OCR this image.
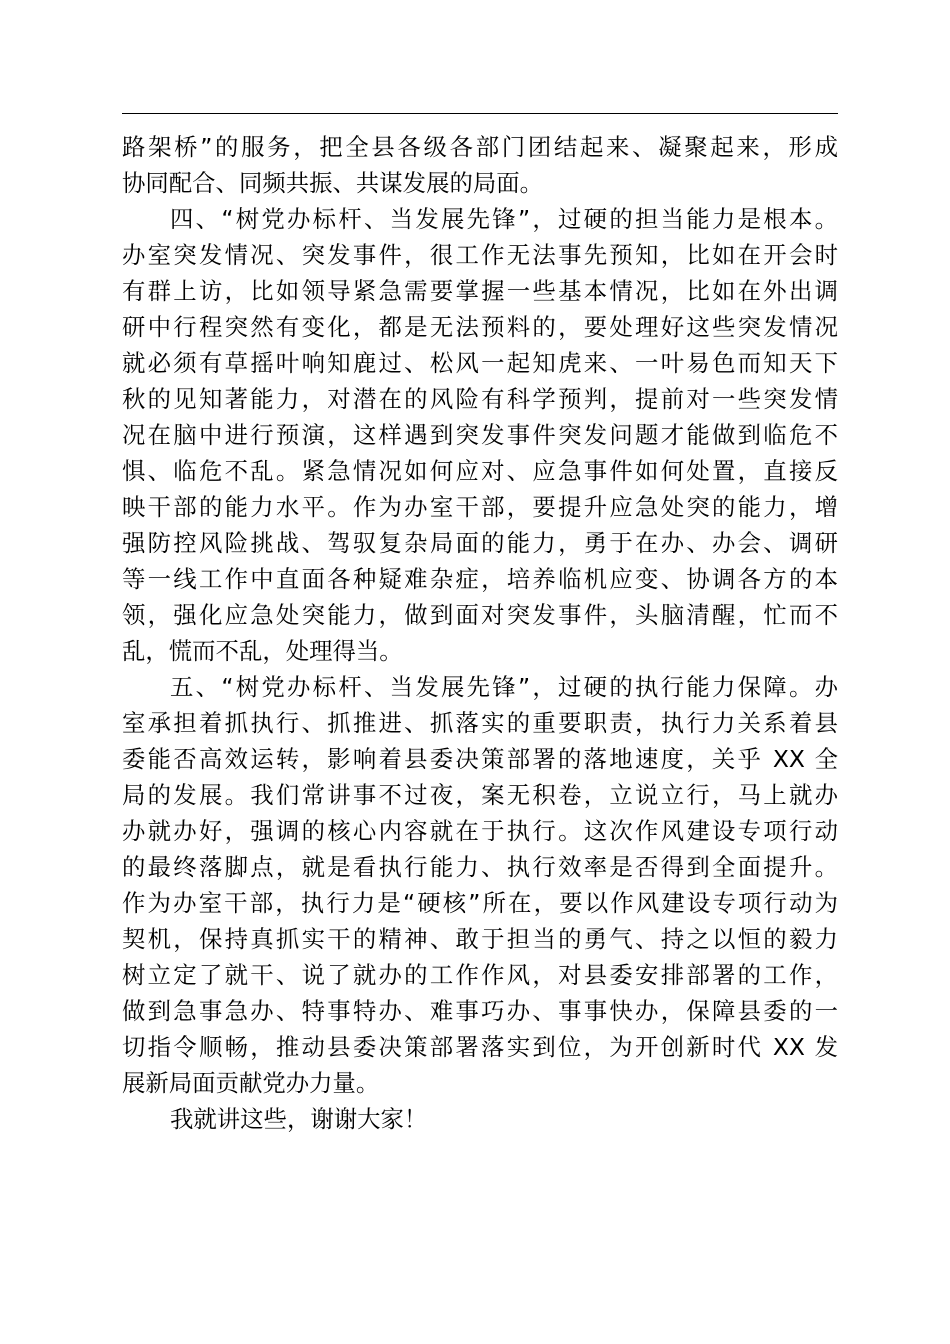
路架桥”的服务，把全县各级各部门团结起来、凝聚起来，形成
协同配合、同频共振、共谋发展的局面。
四、“树党办标杆、当发展先锋”，过硬的担当能力是根本。
办室突发情况、突发事件，很工作无法事先预知，比如在开会时
有群上访，比如领导紧急需要掌握一些基本情况，比如在外出调
研中行程突然有变化，都是无法预料的，要处理好这些突发情况
就必须有草摇叶响知鹿过、松风一起知虎来、一叶易色而知天下
秋的见知著能力，对潜在的风险有科学预判，提前对一些突发情
况在脑中进行预演，这样遇到突发事件突发问题才能做到临危不
惧、临危不乱。紧急情况如何应对、应急事件如何处置，直接反
映干部的能力水平。作为办室干部，要提升应急处突的能力，增
强防控风险挑战、驾驭复杂局面的能力，勇于在办、办会、调研
等一线工作中直面各种疑难杂症，培养临机应变、协调各方的本
领，强化应急处突能力，做到面对突发事件，头脑清醒，忙而不
乱，慌而不乱，处理得当。
五、“树党办标杆、当发展先锋”，过硬的执行能力保障。办
室承担着抓执行、抓推进、抓落实的重要职责，执行力关系着县
委能否高效运转，影响着县委决策部署的落地速度，关乎 XX 全
局的发展。我们常讲事不过夜，案无积卷，立说立行，马上就办
办就办好，强调的核心内容就在于执行。这次作风建设专项行动
的最终落脚点，就是看执行能力、执行效率是否得到全面提升。
作为办室干部，执行力是“硬核”所在，要以作风建设专项行动为
契机，保持真抓实干的精神、敢于担当的勇气、持之以恒的毅力
树立定了就干、说了就办的工作作风，对县委安排部署的工作，
做到急事急办、特事特办、难事巧办、事事快办，保障县委的一
切指令顺畅，推动县委决策部署落实到位，为开创新时代 XX 发
展新局面贡献党办力量。
我就讲这些，谢谢大家！
